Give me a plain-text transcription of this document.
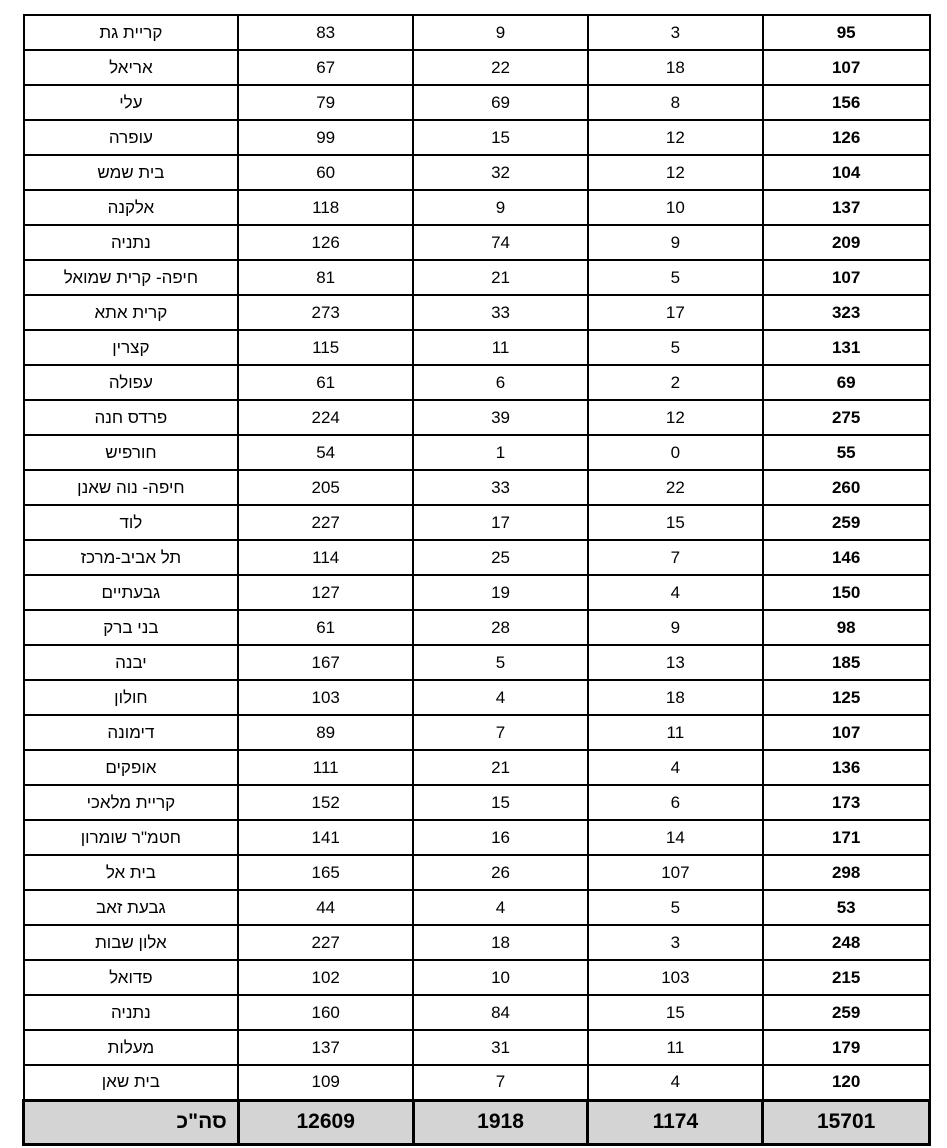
95	3	9	83	קריית גת
107	18	22	67	אריאל
156	8	69	79	עלי
126	12	15	99	עופרה
104	12	32	60	בית שמש
137	10	9	118	אלקנה
209	9	74	126	נתניה
107	5	21	81	חיפה- קרית שמואל
323	17	33	273	קרית אתא
131	5	11	115	קצרין
69	2	6	61	עפולה
275	12	39	224	פרדס חנה
55	0	1	54	חורפיש
260	22	33	205	חיפה- נוה שאנן
259	15	17	227	לוד
146	7	25	114	תל אביב-מרכז
150	4	19	127	גבעתיים
98	9	28	61	בני ברק
185	13	5	167	יבנה
125	18	4	103	חולון
107	11	7	89	דימונה
136	4	21	111	אופקים
173	6	15	152	קריית מלאכי
171	14	16	141	חטמ"ר שומרון
298	107	26	165	בית אל
53	5	4	44	גבעת זאב
248	3	18	227	אלון שבות
215	103	10	102	פדואל
259	15	84	160	נתניה
179	11	31	137	מעלות
120	4	7	109	בית שאן
15701	1174	1918	12609	סה"כ
